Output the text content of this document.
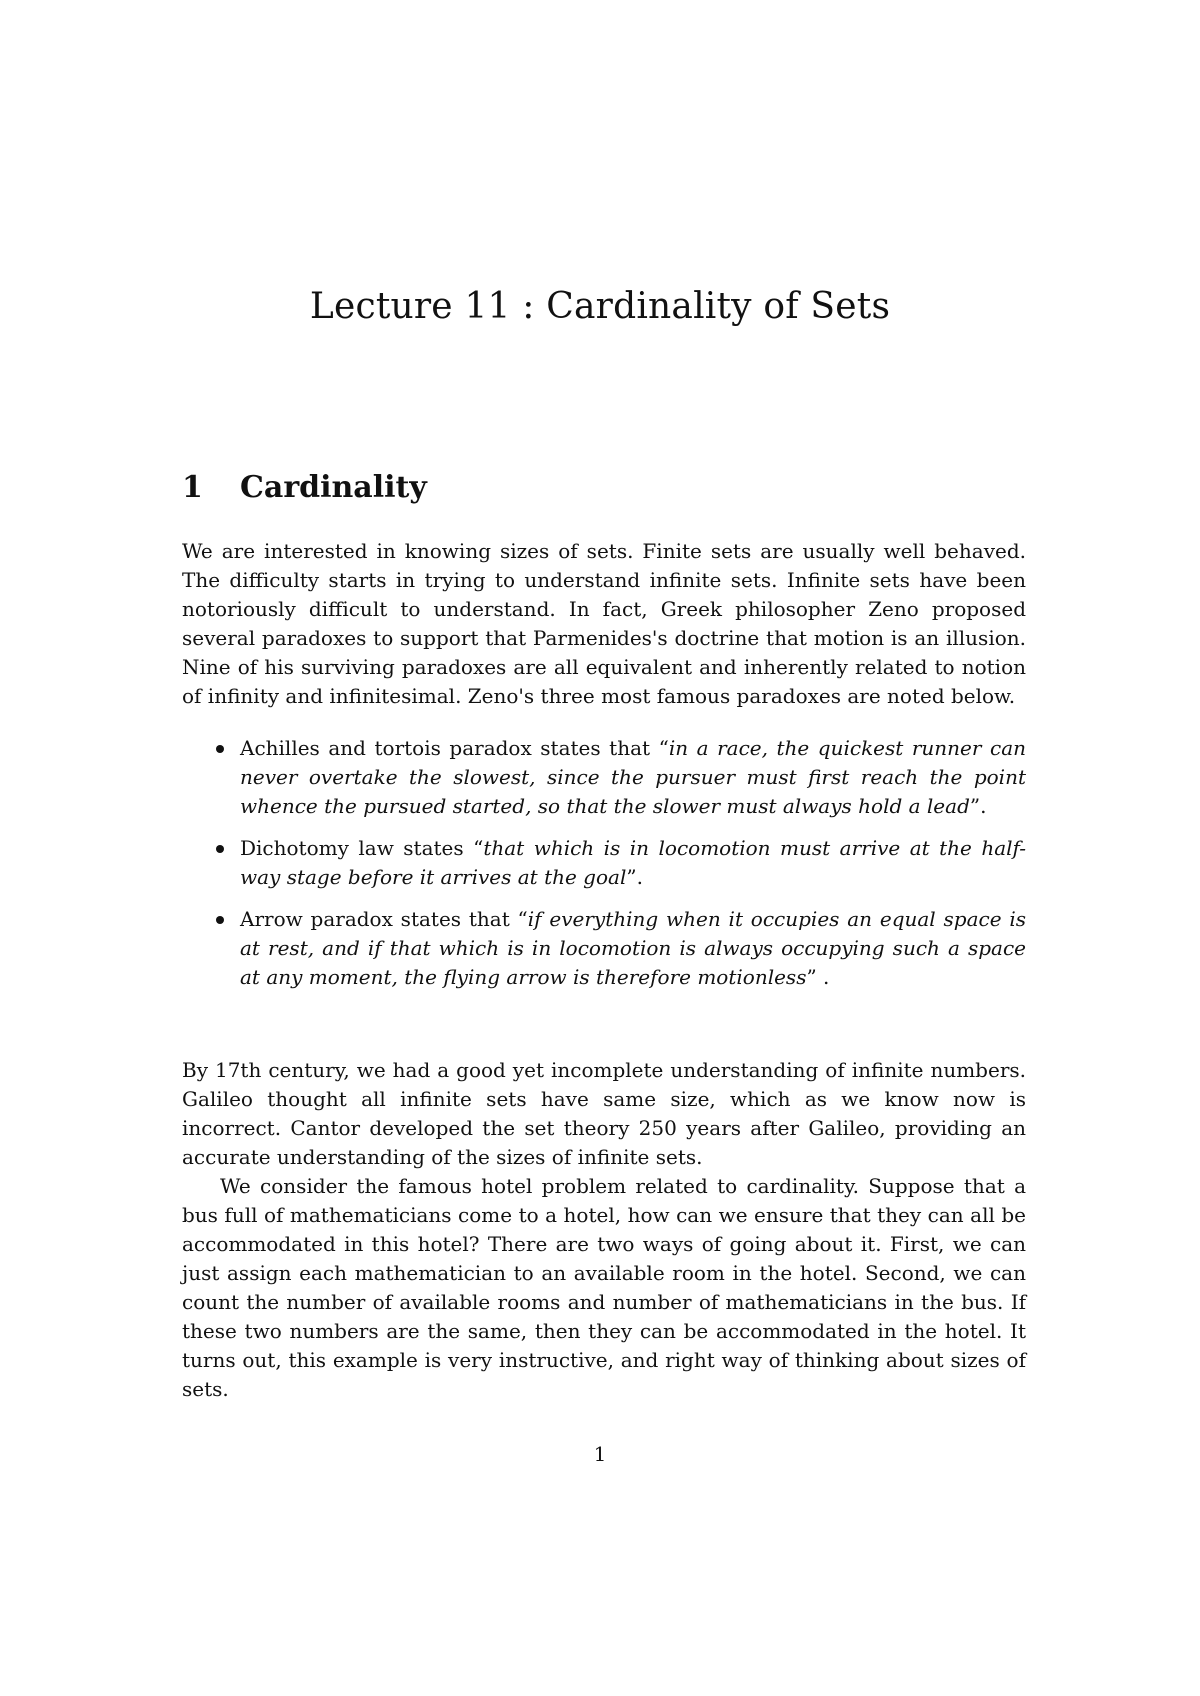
Lecture 11 : Cardinality of Sets
1	Cardinality

We are interested in knowing sizes of sets. Finite sets are usually well behaved. The difficulty starts in trying to understand infinite sets. Infinite sets have been notoriously difficult to understand. In fact, Greek philosopher Zeno proposed several paradoxes to support that Parmenides's doctrine that motion is an illusion. Nine of his surviving paradoxes are all equivalent and inherently related to notion of infinity and infinitesimal. Zeno's three most famous paradoxes are noted below.

Achilles and tortois paradox states that “in a race, the quickest runner can never overtake the slowest, since the pursuer must first reach the point whence the pursued started, so that the slower must always hold a lead”.
Dichotomy law states “that which is in locomotion must arrive at the half-way stage before it arrives at the goal”.
Arrow paradox states that “if everything when it occupies an equal space is at rest, and if that which is in locomotion is always occupying such a space at any moment, the flying arrow is therefore motionless” .

By 17th century, we had a good yet incomplete understanding of infinite numbers. Galileo thought all infinite sets have same size, which as we know now is incorrect. Cantor developed the set theory 250 years after Galileo, providing an accurate understanding of the sizes of infinite sets.

We consider the famous hotel problem related to cardinality. Suppose that a bus full of mathematicians come to a hotel, how can we ensure that they can all be accommodated in this hotel? There are two ways of going about it. First, we can just assign each mathematician to an available room in the hotel. Second, we can count the number of available rooms and number of mathematicians in the bus. If these two numbers are the same, then they can be accommodated in the hotel. It turns out, this example is very instructive, and right way of thinking about sizes of sets.

1
